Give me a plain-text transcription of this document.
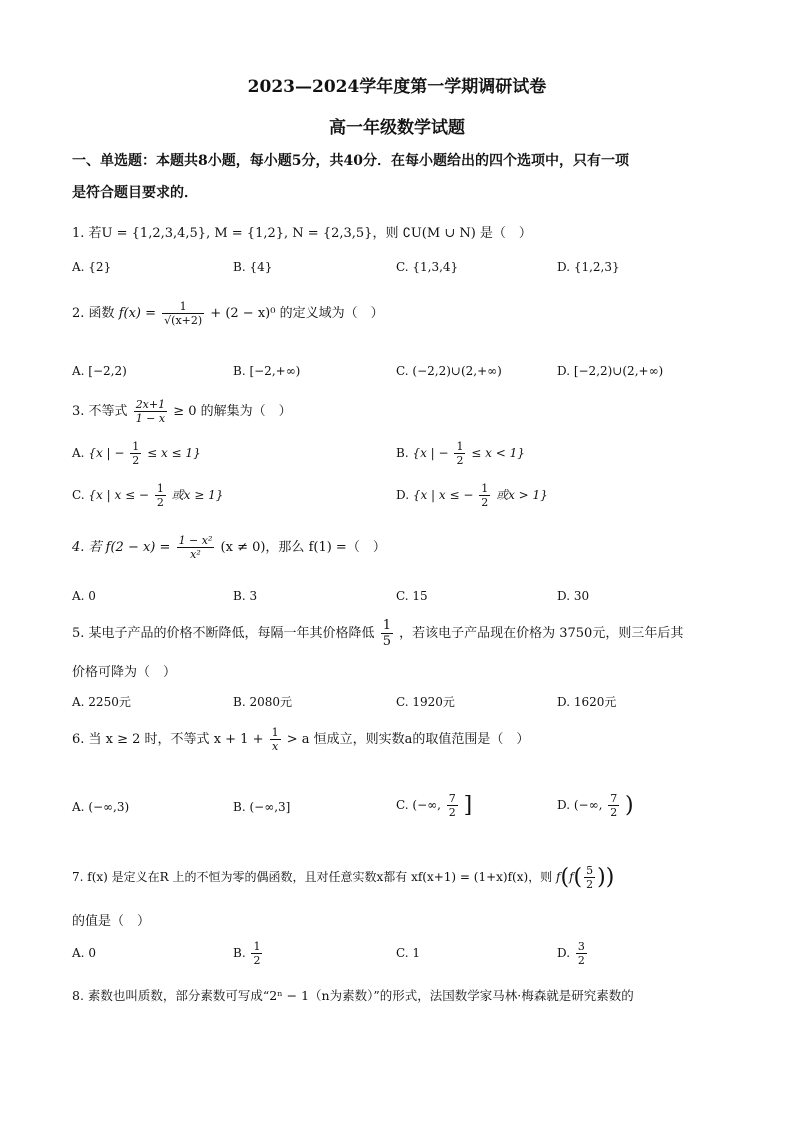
2023—2024学年度第一学期调研试卷
高一年级数学试题
一、单选题：本题共8小题，每小题5分，共40分．在每小题给出的四个选项中，只有一项
是符合题目要求的．
1. 若U = {1,2,3,4,5}, M = {1,2}, N = {2,3,5}，则 ∁U(M ∪ N) 是（　）
A. {2}	B. {4}	C. {1,3,4}	D. {1,2,3}
2. 函数 $f(x) = \frac{1}{√(x+2)} + (2 - x)^0$ 的定义域为（　）
A. [−2,2)	B. [−2,+∞)	C. (−2,2)∪(2,+∞)	D. [−2,2)∪(2,+∞)
3. 不等式 $\frac{2x+1}{1 - x} \ge 0$ 的解集为（　）
A. {x | − $\frac{1}{2} \le x \le 1$}	B. {x | − $\frac{1}{2} \le x < 1$}
C. {x | x ≤ − $\frac{1}{2}$ 或x ≥ 1}	D. {x | x ≤ − $\frac{1}{2}$ 或x > 1}
4. 若 $f(2 - x) = \frac{\text{1 − x²}}{\text{x²}} (x \ne 0)$，那么 f(1) =（　）
A. 0	B. 3	C. 15	D. 30
5. 某电子产品的价格不断降低，每隔一年其价格降低 $\frac{1}{5}$ ，若该电子产品现在价格为 3750元，则三年后其
价格可降为（　）
A. 2250元	B. 2080元	C. 1920元	D. 1620元
6. 当 x ≥ 2 时，不等式 $x + 1 + \frac{1}{x} > a$ 恒成立，则实数a的取值范围是（　）
A. (−∞,3)	B. (−∞,3]	C. (−∞, $\frac{7}{2}$ ]	D. (−∞, $\frac{7}{2}$ )
7. f(x) 是定义在R 上的不恒为零的偶函数，且对任意实数x都有 xf(x+1) = (1+x)f(x)，则 $f(f( \frac{5}{2}$ ))
的值是（　）
A. 0	B. $\frac{1}{2}$	C. 1	D. $\frac{3}{2}$
8. 素数也叫质数，部分素数可写成“2ⁿ − 1（n为素数）”的形式，法国数学家马林·梅森就是研究素数的
